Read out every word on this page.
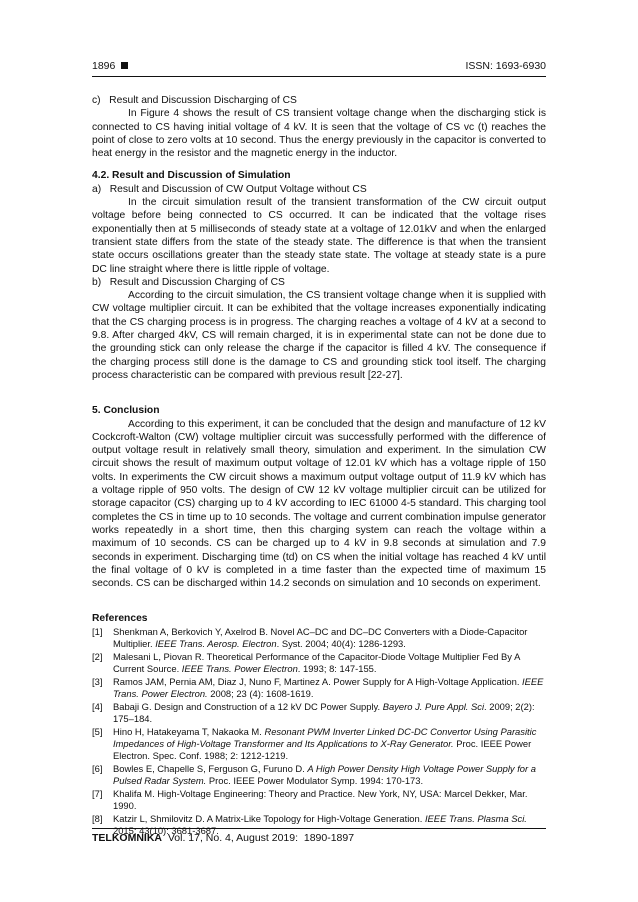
1896	ISSN: 1693-6930

c)   Result and Discussion Discharging of CS

In Figure 4 shows the result of CS transient voltage change when the discharging stick is connected to CS having initial voltage of 4 kV. It is seen that the voltage of CS vc (t) reaches the point of close to zero volts at 10 second. Thus the energy previously in the capacitor is converted to heat energy in the resistor and the magnetic energy in the inductor.

4.2. Result and Discussion of Simulation

a)   Result and Discussion of CW Output Voltage without CS

In the circuit simulation result of the transient transformation of the CW circuit output voltage before being connected to CS occurred. It can be indicated that the voltage rises exponentially then at 5 milliseconds of steady state at a voltage of 12.01kV and when the enlarged transient state differs from the state of the steady state. The difference is that when the transient state occurs oscillations greater than the steady state state. The voltage at steady state is a pure DC line straight where there is little ripple of voltage.

b)   Result and Discussion Charging of CS

According to the circuit simulation, the CS transient voltage change when it is supplied with CW voltage multiplier circuit. It can be exhibited that the voltage increases exponentially indicating that the CS charging process is in progress. The charging reaches a voltage of 4 kV at a second to 9.8. After charged 4kV, CS will remain charged, it is in experimental state can not be done due to the grounding stick can only release the charge if the capacitor is filled 4 kV. The consequence if the charging process still done is the damage to CS and grounding stick tool itself. The charging process characteristic can be compared with previous result [22-27].

5. Conclusion

According to this experiment, it can be concluded that the design and manufacture of 12 kV Cockcroft-Walton (CW) voltage multiplier circuit was successfully performed with the difference of output voltage result in relatively small theory, simulation and experiment. In the simulation CW circuit shows the result of maximum output voltage of 12.01 kV which has a voltage ripple of 150 volts. In experiments the CW circuit shows a maximum output voltage output of 11.9 kV which has a voltage ripple of 950 volts. The design of CW 12 kV voltage multiplier circuit can be utilized for storage capacitor (CS) charging up to 4 kV according to IEC 61000 4-5 standard. This charging tool completes the CS in time up to 10 seconds. The voltage and current combination impulse generator works repeatedly in a short time, then this charging system can reach the voltage within a maximum of 10 seconds. CS can be charged up to 4 kV in 9.8 seconds at simulation and 7.9 seconds in experiment. Discharging time (td) on CS when the initial voltage has reached 4 kV until the final voltage of 0 kV is completed in a time faster than the expected time of maximum 15 seconds. CS can be discharged within 14.2 seconds on simulation and 10 seconds on experiment.

References

[1] Shenkman A, Berkovich Y, Axelrod B. Novel AC–DC and DC–DC Converters with a Diode-Capacitor Multiplier. IEEE Trans. Aerosp. Electron. Syst. 2004; 40(4): 1286-1293.
[2] Malesani L, Piovan R. Theoretical Performance of the Capacitor-Diode Voltage Multiplier Fed By A Current Source. IEEE Trans. Power Electron. 1993; 8: 147-155.
[3] Ramos JAM, Pernia AM, Diaz J, Nuno F, Martinez A. Power Supply for A High-Voltage Application. IEEE Trans. Power Electron. 2008; 23 (4): 1608-1619.
[4] Babaji G. Design and Construction of a 12 kV DC Power Supply. Bayero J. Pure Appl. Sci. 2009; 2(2): 175–184.
[5] Hino H, Hatakeyama T, Nakaoka M. Resonant PWM Inverter Linked DC-DC Convertor Using Parasitic Impedances of High-Voltage Transformer and Its Applications to X-Ray Generator. Proc. IEEE Power Electron. Spec. Conf. 1988; 2: 1212-1219.
[6] Bowles E, Chapelle S, Ferguson G, Furuno D. A High Power Density High Voltage Power Supply for a Pulsed Radar System. Proc. IEEE Power Modulator Symp. 1994: 170-173.
[7] Khalifa M. High-Voltage Engineering: Theory and Practice. New York, NY, USA: Marcel Dekker, Mar. 1990.
[8] Katzir L, Shmilovitz D. A Matrix-Like Topology for High-Voltage Generation. IEEE Trans. Plasma Sci. 2015; 43(10): 3681-3687.
TELKOMNIKA Vol. 17, No. 4, August 2019:  1890-1897
